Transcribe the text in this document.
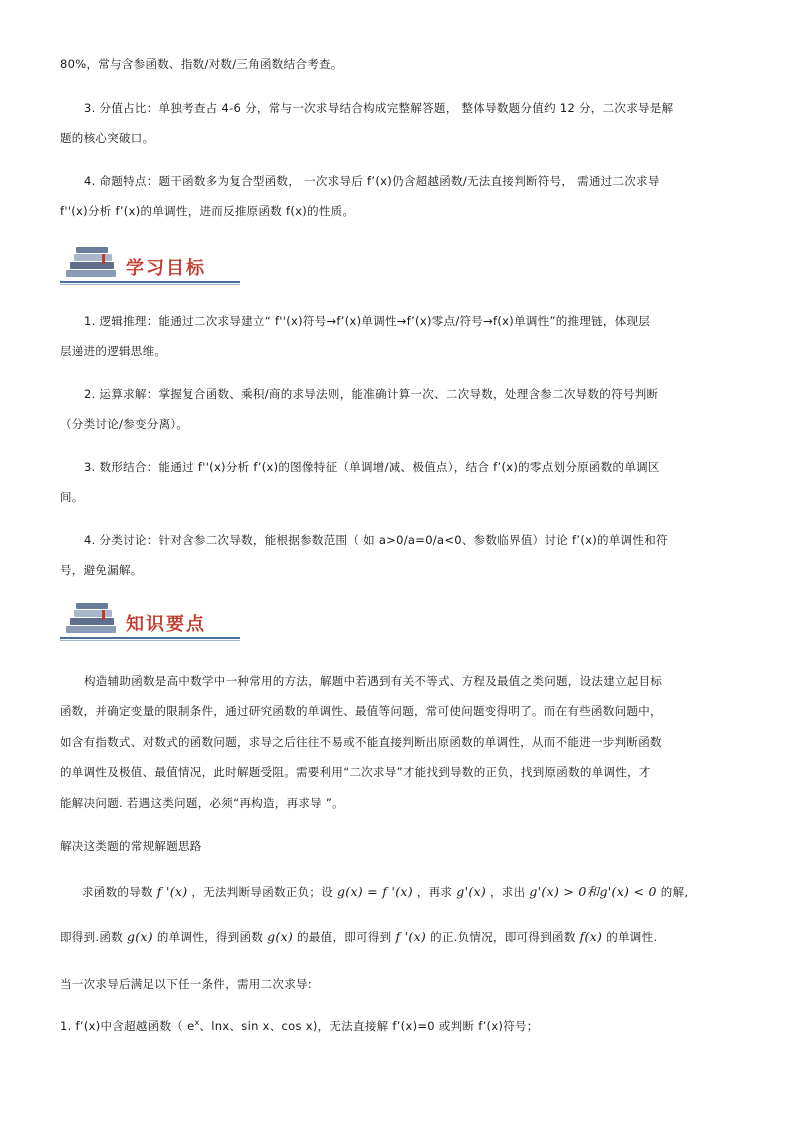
80%，常与含参函数、指数/对数/三角函数结合考查。
3. 分值占比：单独考查占 4-6 分，常与一次求导结合构成完整解答题， 整体导数题分值约 12 分，二次求导是解
题的核心突破口。
4. 命题特点：题干函数多为复合型函数， 一次求导后 f’(x)仍含超越函数/无法直接判断符号， 需通过二次求导
f''(x)分析 f’(x)的单调性，进而反推原函数 f(x)的性质。
学习目标
1. 逻辑推理：能通过二次求导建立“ f''(x)符号→f’(x)单调性→f’(x)零点/符号→f(x)单调性”的推理链，体现层
层递进的逻辑思维。
2. 运算求解：掌握复合函数、乘积/商的求导法则，能准确计算一次、二次导数，处理含参二次导数的符号判断
（分类讨论/参变分离）。
3. 数形结合：能通过 f''(x)分析 f’(x)的图像特征（单调增/减、极值点），结合 f’(x)的零点划分原函数的单调区
间。
4. 分类讨论：针对含参二次导数，能根据参数范围（ 如 a>0/a=0/a<0、参数临界值）讨论 f’(x)的单调性和符
号，避免漏解。
知识要点
构造辅助函数是高中数学中一种常用的方法，解题中若遇到有关不等式、方程及最值之类问题，设法建立起目标
函数，并确定变量的限制条件，通过研究函数的单调性、最值等问题，常可使问题变得明了。而在有些函数问题中，
如含有指数式、对数式的函数问题，求导之后往往不易或不能直接判断出原函数的单调性，从而不能进一步判断函数
的单调性及极值、最值情况，此时解题受阻。需要利用“二次求导”才能找到导数的正负，找到原函数的单调性，才
能解决问题. 若遇这类问题，必须“再构造，再求导 ”。
解决这类题的常规解题思路
求函数的导数 f '(x) ，无法判断导函数正负；设 g(x) = f '(x) ，再求 g'(x) ，求出 g'(x) > 0和g'(x) < 0 的解,
即得到.函数 g(x) 的单调性，得到函数 g(x) 的最值，即可得到 f '(x) 的正.负情况，即可得到函数 f(x) 的单调性.
当一次求导后满足以下任一条件，需用二次求导:
1. f’(x)中含超越函数（ $e^x$、lnx、sin x、cos x)，无法直接解 f’(x)=0 或判断 f’(x)符号；
